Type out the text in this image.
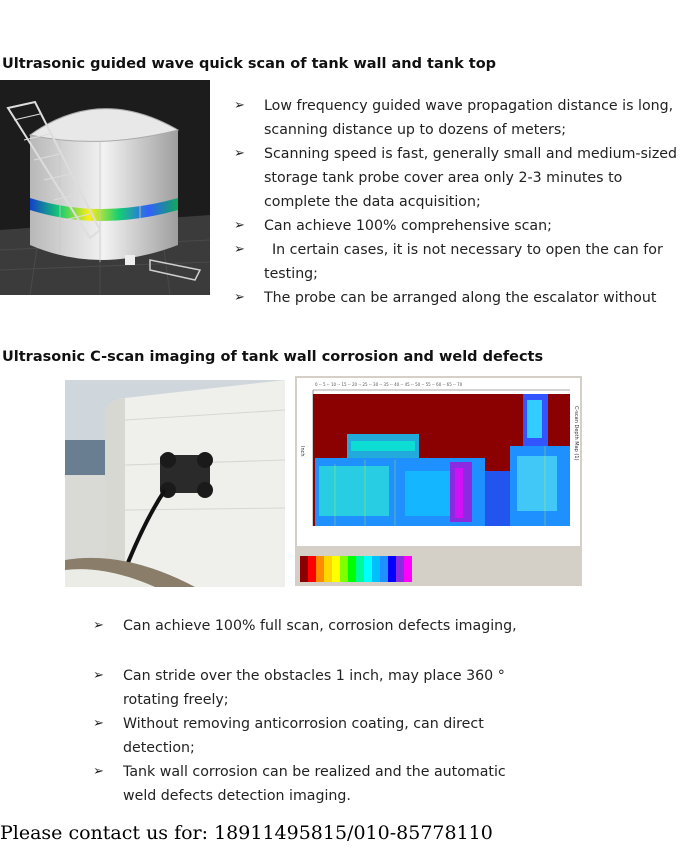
Ultrasonic guided wave quick scan of tank wall and tank top
➢ Low frequency guided wave propagation distance is long, scanning distance up to dozens of meters;
➢ Scanning speed is fast, generally small and medium-sized storage tank probe cover area only 2-3 minutes to complete the data acquisition;
➢ Can achieve 100% comprehensive scan;
➢ In certain cases, it is not necessary to open the can for testing;
➢ The probe can be arranged along the escalator without
Ultrasonic C-scan imaging of tank wall corrosion and weld defects
0 -- 5 -- 10 -- 15 -- 20 -- 25 -- 30 -- 35 -- 40 -- 45 -- 50 -- 55 -- 60 -- 65 -- 70
Inch	C-scan Depth Map (1)
➢ Can achieve 100% full scan, corrosion defects imaging,
➢ Can stride over the obstacles 1 inch, may place 360 ° rotating freely;
➢ Without removing anticorrosion coating, can direct detection;
➢ Tank wall corrosion can be realized and the automatic weld defects detection imaging.
Please contact us for: 18911495815/010-85778110
